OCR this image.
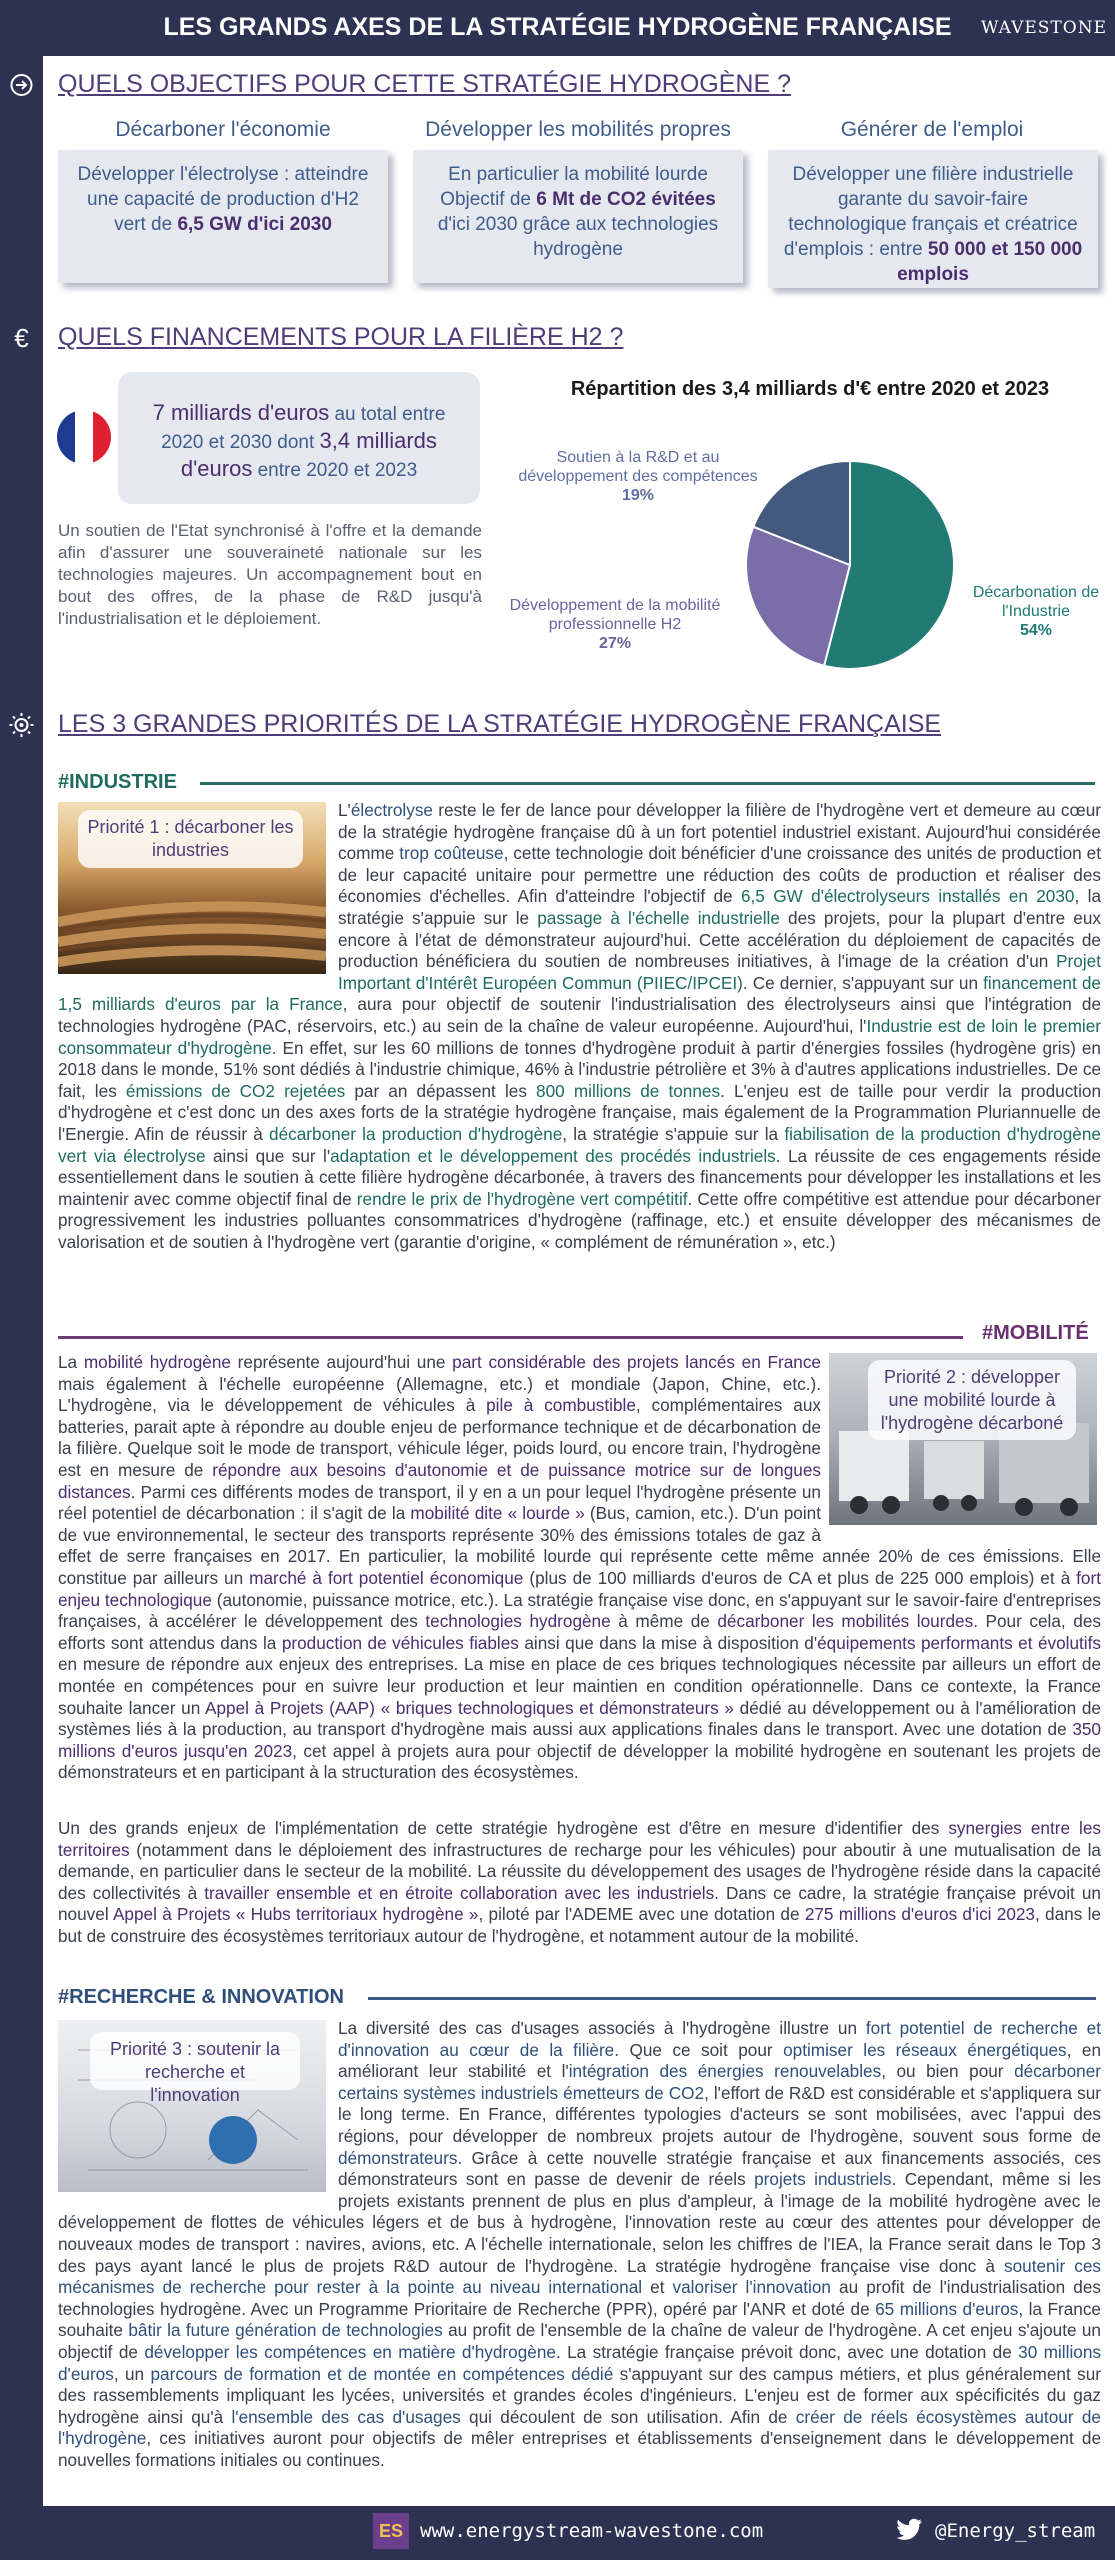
LES GRANDS AXES DE LA STRATÉGIE HYDROGÈNE FRANÇAISE	WAVESTONE
€
QUELS OBJECTIFS POUR CETTE STRATÉGIE HYDROGÈNE ?
Décarboner l'économie
Développer l'électrolyse : atteindre une capacité de production d'H2 vert de 6,5 GW d'ici 2030
Développer les mobilités propres
En particulier la mobilité lourde Objectif de 6 Mt de CO2 évitées d'ici 2030 grâce aux technologies hydrogène
Générer de l'emploi
Développer une filière industrielle garante du savoir-faire technologique français et créatrice d'emplois : entre 50 000 et 150 000 emplois
QUELS FINANCEMENTS POUR LA FILIÈRE H2 ?
7 milliards d'euros au total entre 2020 et 2030 dont 3,4 milliards d'euros entre 2020 et 2023
Un soutien de l'Etat synchronisé à l'offre et la demande afin d'assurer une souveraineté nationale sur les technologies majeures. Un accompagnement bout en bout des offres, de la phase de R&D jusqu'à l'industrialisation et le déploiement.
Répartition des 3,4 milliards d'€ entre 2020 et 2023
Soutien à la R&D et au développement des compétences
19%
Développement de la mobilité professionnelle H2
27%
Décarbonation de l'Industrie
54%
LES 3 GRANDES PRIORITÉS DE LA STRATÉGIE HYDROGÈNE FRANÇAISE
#INDUSTRIE
Priorité 1 : décarboner les industries
L'électrolyse reste le fer de lance pour développer la filière de l'hydrogène vert et demeure au cœur de la stratégie hydrogène française dû à un fort potentiel industriel existant. Aujourd'hui considérée comme trop coûteuse, cette technologie doit bénéficier d'une croissance des unités de production et de leur capacité unitaire pour permettre une réduction des coûts de production et réaliser des économies d'échelles. Afin d'atteindre l'objectif de 6,5 GW d'électrolyseurs installés en 2030, la stratégie s'appuie sur le passage à l'échelle industrielle des projets, pour la plupart d'entre eux encore à l'état de démonstrateur aujourd'hui. Cette accélération du déploiement de capacités de production bénéficiera du soutien de nombreuses initiatives, à l'image de la création d'un Projet Important d'Intérêt Européen Commun (PIIEC/IPCEI). Ce dernier, s'appuyant sur un financement de 1,5 milliards d'euros par la France, aura pour objectif de soutenir l'industrialisation des électrolyseurs ainsi que l'intégration de technologies hydrogène (PAC, réservoirs, etc.) au sein de la chaîne de valeur européenne. Aujourd'hui, l'Industrie est de loin le premier consommateur d'hydrogène. En effet, sur les 60 millions de tonnes d'hydrogène produit à partir d'énergies fossiles (hydrogène gris) en 2018 dans le monde, 51% sont dédiés à l'industrie chimique, 46% à l'industrie pétrolière et 3% à d'autres applications industrielles. De ce fait, les émissions de CO2 rejetées par an dépassent les 800 millions de tonnes. L'enjeu est de taille pour verdir la production d'hydrogène et c'est donc un des axes forts de la stratégie hydrogène française, mais également de la Programmation Pluriannuelle de l'Energie. Afin de réussir à décarboner la production d'hydrogène, la stratégie s'appuie sur la fiabilisation de la production d'hydrogène vert via électrolyse ainsi que sur l'adaptation et le développement des procédés industriels. La réussite de ces engagements réside essentiellement dans le soutien à cette filière hydrogène décarbonée, à travers des financements pour développer les installations et les maintenir avec comme objectif final de rendre le prix de l'hydrogène vert compétitif. Cette offre compétitive est attendue pour décarboner progressivement les industries polluantes consommatrices d'hydrogène (raffinage, etc.) et ensuite développer des mécanismes de valorisation et de soutien à l'hydrogène vert (garantie d'origine, « complément de rémunération », etc.)
#MOBILITÉ
Priorité 2 : développer une mobilité lourde à l'hydrogène décarboné
La mobilité hydrogène représente aujourd'hui une part considérable des projets lancés en France mais également à l'échelle européenne (Allemagne, etc.) et mondiale (Japon, Chine, etc.). L'hydrogène, via le développement de véhicules à pile à combustible, complémentaires aux batteries, parait apte à répondre au double enjeu de performance technique et de décarbonation de la filière. Quelque soit le mode de transport, véhicule léger, poids lourd, ou encore train, l'hydrogène est en mesure de répondre aux besoins d'autonomie et de puissance motrice sur de longues distances. Parmi ces différents modes de transport, il y en a un pour lequel l'hydrogène présente un réel potentiel de décarbonation : il s'agit de la mobilité dite « lourde » (Bus, camion, etc.). D'un point de vue environnemental, le secteur des transports représente 30% des émissions totales de gaz à effet de serre françaises en 2017. En particulier, la mobilité lourde qui représente cette même année 20% de ces émissions. Elle constitue par ailleurs un marché à fort potentiel économique (plus de 100 milliards d'euros de CA et plus de 225 000 emplois) et à fort enjeu technologique (autonomie, puissance motrice, etc.). La stratégie française vise donc, en s'appuyant sur le savoir-faire d'entreprises françaises, à accélérer le développement des technologies hydrogène à même de décarboner les mobilités lourdes. Pour cela, des efforts sont attendus dans la production de véhicules fiables ainsi que dans la mise à disposition d'équipements performants et évolutifs en mesure de répondre aux enjeux des entreprises. La mise en place de ces briques technologiques nécessite par ailleurs un effort de montée en compétences pour en suivre leur production et leur maintien en condition opérationnelle. Dans ce contexte, la France souhaite lancer un Appel à Projets (AAP) « briques technologiques et démonstrateurs » dédié au développement ou à l'amélioration de systèmes liés à la production, au transport d'hydrogène mais aussi aux applications finales dans le transport. Avec une dotation de 350 millions d'euros jusqu'en 2023, cet appel à projets aura pour objectif de développer la mobilité hydrogène en soutenant les projets de démonstrateurs et en participant à la structuration des écosystèmes.
Un des grands enjeux de l'implémentation de cette stratégie hydrogène est d'être en mesure d'identifier des synergies entre les territoires (notamment dans le déploiement des infrastructures de recharge pour les véhicules) pour aboutir à une mutualisation de la demande, en particulier dans le secteur de la mobilité. La réussite du développement des usages de l'hydrogène réside dans la capacité des collectivités à travailler ensemble et en étroite collaboration avec les industriels. Dans ce cadre, la stratégie française prévoit un nouvel Appel à Projets « Hubs territoriaux hydrogène », piloté par l'ADEME avec une dotation de 275 millions d'euros d'ici 2023, dans le but de construire des écosystèmes territoriaux autour de l'hydrogène, et notamment autour de la mobilité.
#RECHERCHE & INNOVATION
Priorité 3 : soutenir la recherche et l'innovation
La diversité des cas d'usages associés à l'hydrogène illustre un fort potentiel de recherche et d'innovation au cœur de la filière. Que ce soit pour optimiser les réseaux énergétiques, en améliorant leur stabilité et l'intégration des énergies renouvelables, ou bien pour décarboner certains systèmes industriels émetteurs de CO2, l'effort de R&D est considérable et s'appliquera sur le long terme. En France, différentes typologies d'acteurs se sont mobilisées, avec l'appui des régions, pour développer de nombreux projets autour de l'hydrogène, souvent sous forme de démonstrateurs. Grâce à cette nouvelle stratégie française et aux financements associés, ces démonstrateurs sont en passe de devenir de réels projets industriels. Cependant, même si les projets existants prennent de plus en plus d'ampleur, à l'image de la mobilité hydrogène avec le développement de flottes de véhicules légers et de bus à hydrogène, l'innovation reste au cœur des attentes pour développer de nouveaux modes de transport : navires, avions, etc. A l'échelle internationale, selon les chiffres de l'IEA, la France serait dans le Top 3 des pays ayant lancé le plus de projets R&D autour de l'hydrogène. La stratégie hydrogène française vise donc à soutenir ces mécanismes de recherche pour rester à la pointe au niveau international et valoriser l'innovation au profit de l'industrialisation des technologies hydrogène. Avec un Programme Prioritaire de Recherche (PPR), opéré par l'ANR et doté de 65 millions d'euros, la France souhaite bâtir la future génération de technologies au profit de l'ensemble de la chaîne de valeur de l'hydrogène. A cet enjeu s'ajoute un objectif de développer les compétences en matière d'hydrogène. La stratégie française prévoit donc, avec une dotation de 30 millions d'euros, un parcours de formation et de montée en compétences dédié s'appuyant sur des campus métiers, et plus généralement sur des rassemblements impliquant les lycées, universités et grandes écoles d'ingénieurs. L'enjeu est de former aux spécificités du gaz hydrogène ainsi qu'à l'ensemble des cas d'usages qui découlent de son utilisation. Afin de créer de réels écosystèmes autour de l'hydrogène, ces initiatives auront pour objectifs de mêler entreprises et établissements d'enseignement dans le développement de nouvelles formations initiales ou continues.
ES www.energystream-wavestone.com	@Energy_stream
